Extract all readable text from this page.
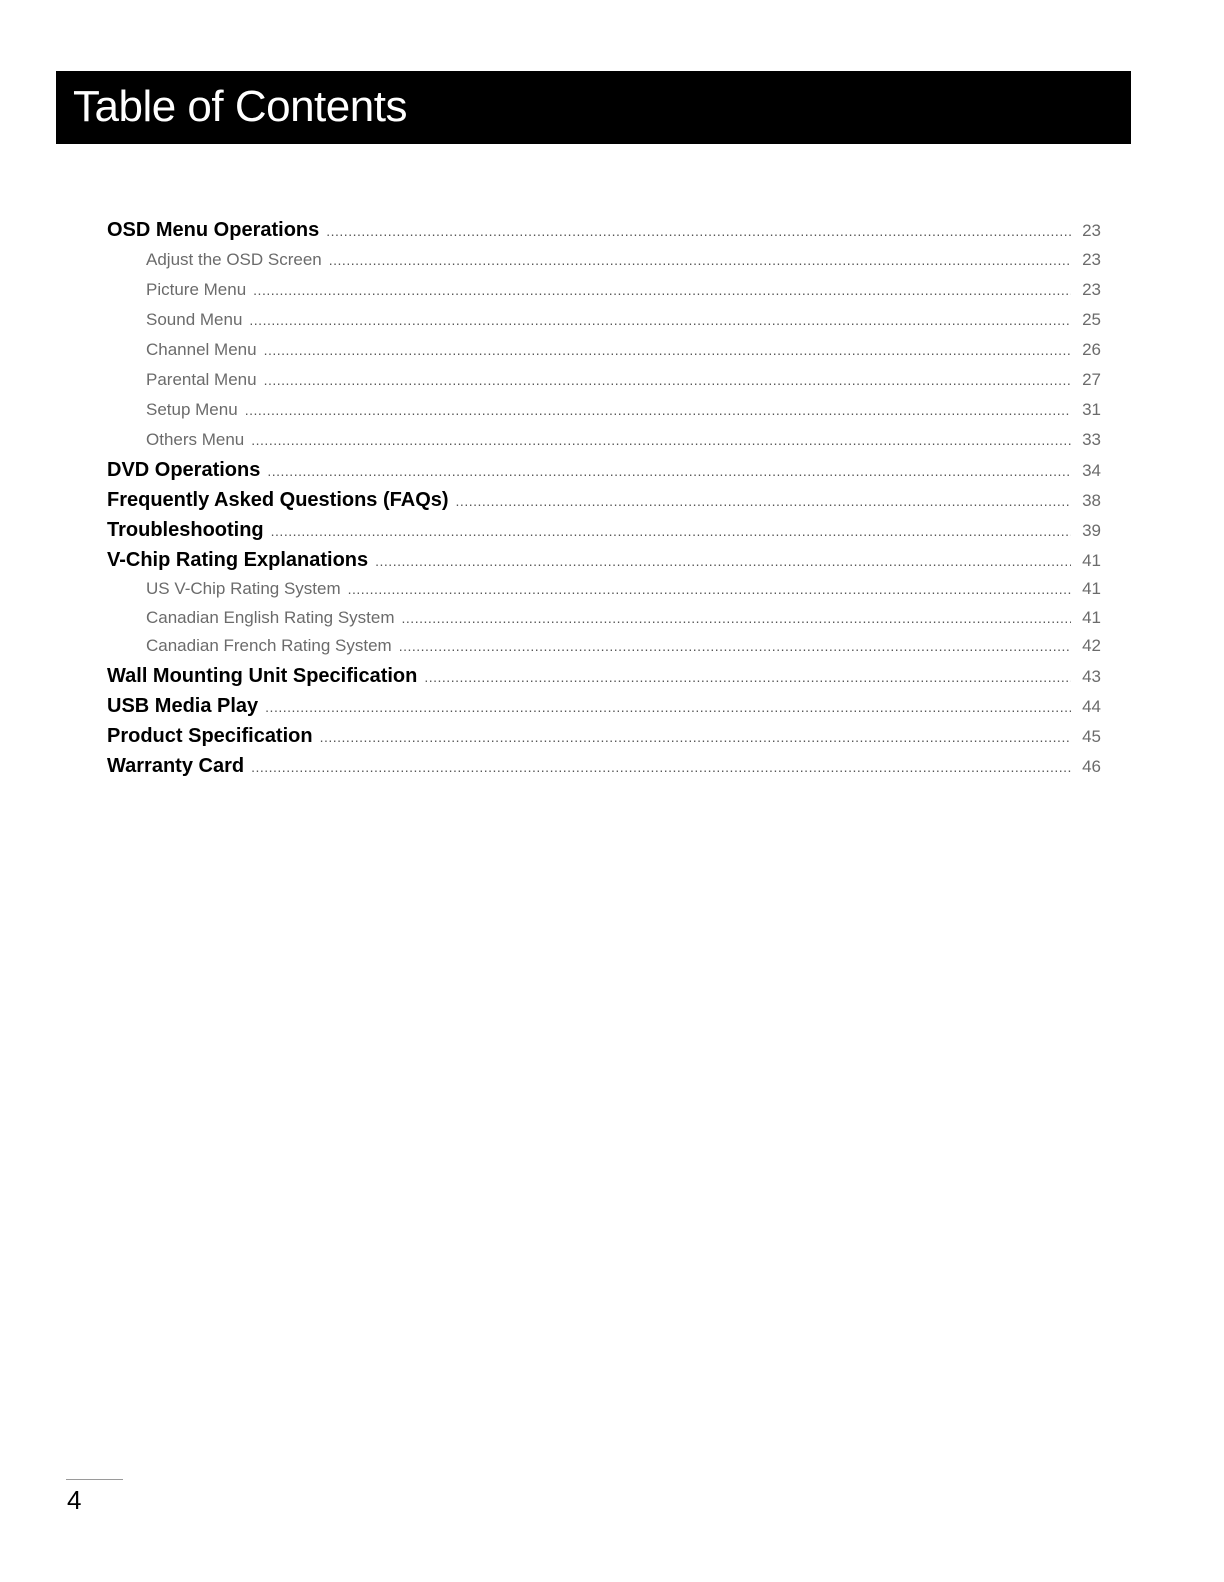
Table of Contents
OSD Menu Operations .....	23
Adjust the OSD Screen .....	23
Picture Menu .....	23
Sound Menu .....	25
Channel Menu .....	26
Parental Menu .....	27
Setup Menu .....	31
Others Menu .....	33
DVD Operations .....	34
Frequently Asked Questions (FAQs) .....	38
Troubleshooting .....	39
V-Chip Rating Explanations .....	41
US V-Chip Rating System .....	41
Canadian English Rating System .....	41
Canadian French Rating System .....	42
Wall Mounting Unit Specification .....	43
USB Media Play .....	44
Product Specification .....	45
Warranty Card .....	46
4
